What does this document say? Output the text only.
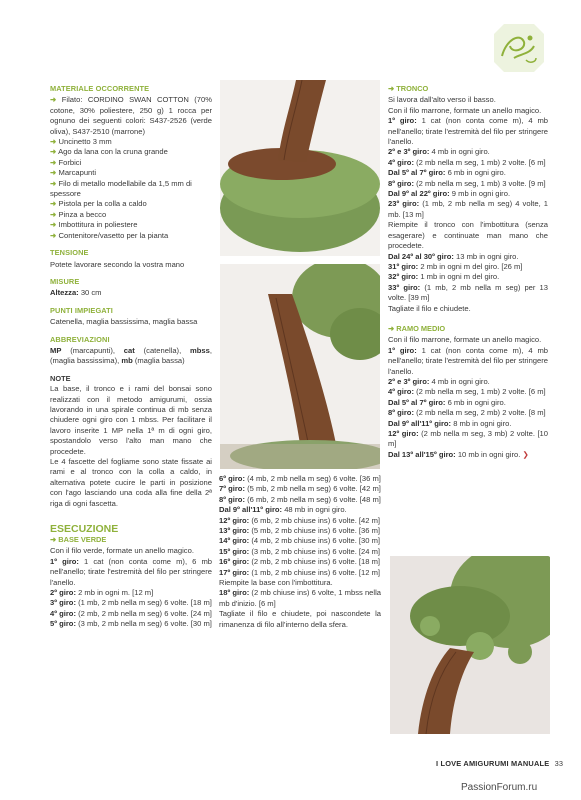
MATERIALE OCCORRENTE

➜ Filato: CORDINO SWAN COTTON (70% cotone, 30% poliestere, 250 g) 1 rocca per ognuno dei seguenti colori: S437-2526 (verde oliva), S437-2510 (marrone)

➜ Uncinetto 3 mm

➜ Ago da lana con la cruna grande

➜ Forbici

➜ Marcapunti

➜ Filo di metallo modellabile da 1,5 mm di spessore

➜ Pistola per la colla a caldo

➜ Pinza a becco

➜ Imbottitura in poliestere

➜ Contenitore/vasetto per la pianta

TENSIONE

Potete lavorare secondo la vostra mano

MISURE

Altezza: 30 cm

PUNTI IMPIEGATI

Catenella, maglia bassissima, maglia bassa

ABBREVIAZIONI

MP (marcapunti), cat (catenella), mbss, (maglia bassissima), mb (maglia bassa)

NOTE

La base, il tronco e i rami del bonsai sono realizzati con il metodo amigurumi, ossia lavorando in una spirale continua di mb senza chiudere ogni giro con 1 mbss. Per facilitare il lavoro inserite 1 MP nella 1ª m di ogni giro, spostandolo verso l'alto man mano che procedete.

Le 4 fascette del fogliame sono state fissate ai rami e al tronco con la colla a caldo, in alternativa potete cucire le parti in posizione con l'ago lasciando una coda alla fine della 2ª riga di ogni fascetta.

ESECUZIONE

➜ BASE VERDE

Con il filo verde, formate un anello magico.

1º giro: 1 cat (non conta come m), 6 mb nell'anello; tirate l'estremità del filo per stringere l'anello.

2º giro: 2 mb in ogni m. [12 m]

3º giro: (1 mb, 2 mb nella m seg) 6 volte. [18 m]

4º giro: (2 mb, 2 mb nella m seg) 6 volte. [24 m]

5º giro: (3 mb, 2 mb nella m seg) 6 volte. [30 m]

6º giro: (4 mb, 2 mb nella m seg) 6 volte. [36 m]

7º giro: (5 mb, 2 mb nella m seg) 6 volte. [42 m]

8º giro: (6 mb, 2 mb nella m seg) 6 volte. [48 m]

Dal 9º all'11º giro: 48 mb in ogni giro.

12º giro: (6 mb, 2 mb chiuse ins) 6 volte. [42 m]

13º giro: (5 mb, 2 mb chiuse ins) 6 volte. [36 m]

14º giro: (4 mb, 2 mb chiuse ins) 6 volte. [30 m]

15º giro: (3 mb, 2 mb chiuse ins) 6 volte. [24 m]

16º giro: (2 mb, 2 mb chiuse ins) 6 volte. [18 m]

17º giro: (1 mb, 2 mb chiuse ins) 6 volte. [12 m]

Riempite la base con l'imbottitura.

18º giro: (2 mb chiuse ins) 6 volte, 1 mbss nella mb d'inizio. [6 m]

Tagliate il filo e chiudete, poi nascondete la rimanenza di filo all'interno della sfera.

➜ TRONCO

Si lavora dall'alto verso il basso.

Con il filo marrone, formate un anello magico.

1º giro: 1 cat (non conta come m), 4 mb nell'anello; tirate l'estremità del filo per stringere l'anello.

2º e 3º giro: 4 mb in ogni giro.

4º giro: (2 mb nella m seg, 1 mb) 2 volte. [6 m]

Dal 5º al 7º giro: 6 mb in ogni giro.

8º giro: (2 mb nella m seg, 1 mb) 3 volte. [9 m]

Dal 9º al 22º giro: 9 mb in ogni giro.

23º giro: (1 mb, 2 mb nella m seg) 4 volte, 1 mb. [13 m]

Riempite il tronco con l'imbottitura (senza esagerare) e continuate man mano che procedete.

Dal 24º al 30º giro: 13 mb in ogni giro.

31º giro: 2 mb in ogni m del giro. [26 m]

32º giro: 1 mb in ogni m del giro.

33º giro: (1 mb, 2 mb nella m seg) per 13 volte. [39 m]

Tagliate il filo e chiudete.

➜ RAMO MEDIO

Con il filo marrone, formate un anello magico.

1º giro: 1 cat (non conta come m), 4 mb nell'anello; tirate l'estremità del filo per stringere l'anello.

2º e 3º giro: 4 mb in ogni giro.

4º giro: (2 mb nella m seg, 1 mb) 2 volte. [6 m]

Dal 5º al 7º giro: 6 mb in ogni giro.

8º giro: (2 mb nella m seg, 2 mb) 2 volte. [8 m]

Dal 9º all'11º giro: 8 mb in ogni giro.

12º giro: (2 mb nella m seg, 3 mb) 2 volte. [10 m]

Dal 13º all'15º giro: 10 mb in ogni giro. ❯

I LOVE AMIGURUMI MANUALE 33
PassionForum.ru
